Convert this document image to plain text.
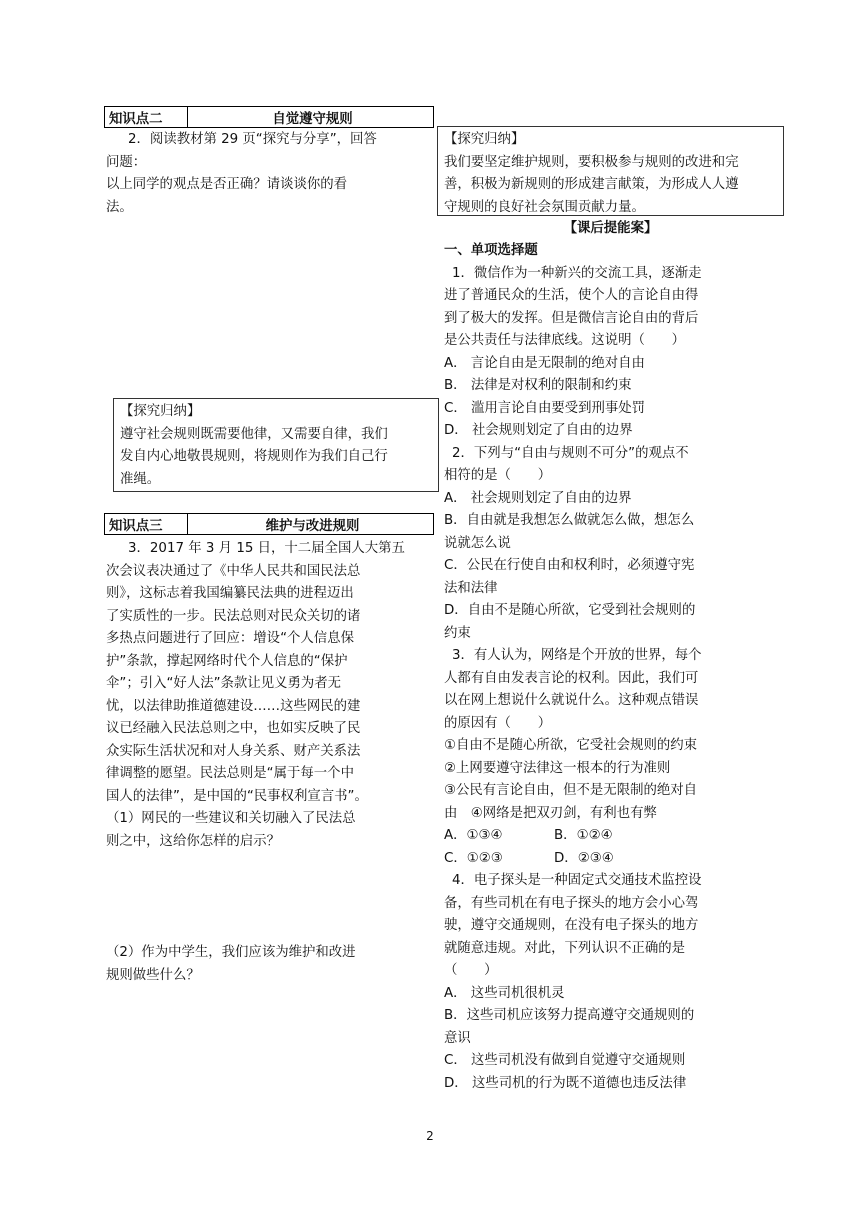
知识点二	自觉遵守规则

2．阅读教材第 29 页“探究与分享”，回答

问题：

以上同学的观点是否正确？请谈谈你的看

法。

【探究归纳】

遵守社会规则既需要他律，又需要自律，我们

发自内心地敬畏规则，将规则作为我们自己行

准绳。

知识点三	维护与改进规则

3．2017 年 3 月 15 日，十二届全国人大第五

次会议表决通过了《中华人民共和国民法总

则》，这标志着我国编纂民法典的进程迈出

了实质性的一步。民法总则对民众关切的诸

多热点问题进行了回应：增设“个人信息保

护”条款，撑起网络时代个人信息的“保护

伞”；引入“好人法”条款让见义勇为者无

忧，以法律助推道德建设……这些网民的建

议已经融入民法总则之中，也如实反映了民

众实际生活状况和对人身关系、财产关系法

律调整的愿望。民法总则是“属于每一个中

国人的法律”，是中国的“民事权利宣言书”。

（1）网民的一些建议和关切融入了民法总

则之中，这给你怎样的启示？

（2）作为中学生，我们应该为维护和改进

规则做些什么？

【探究归纳】

我们要坚定维护规则，要积极参与规则的改进和完

善，积极为新规则的形成建言献策，为形成人人遵

守规则的良好社会氛围贡献力量。

【课后提能案】

一、单项选择题

1．微信作为一种新兴的交流工具，逐渐走

进了普通民众的生活，使个人的言论自由得

到了极大的发挥。但是微信言论自由的背后

是公共责任与法律底线。这说明（　　）

A． 言论自由是无限制的绝对自由

B． 法律是对权利的限制和约束

C． 滥用言论自由要受到刑事处罚

D． 社会规则划定了自由的边界

2．下列与“自由与规则不可分”的观点不

相符的是（　　）

A． 社会规则划定了自由的边界

B．自由就是我想怎么做就怎么做，想怎么

说就怎么说

C．公民在行使自由和权利时，必须遵守宪

法和法律

D．自由不是随心所欲，它受到社会规则的

约束

3．有人认为，网络是个开放的世界，每个

人都有自由发表言论的权利。因此，我们可

以在网上想说什么就说什么。这种观点错误

的原因有（　　）

①自由不是随心所欲，它受社会规则的约束

②上网要遵守法律这一根本的行为准则

③公民有言论自由，但不是无限制的绝对自

由　④网络是把双刃剑，有利也有弊

A．①③④	B．①②④

C．①②③	D．②③④

4．电子探头是一种固定式交通技术监控设

备，有些司机在有电子探头的地方会小心驾

驶，遵守交通规则，在没有电子探头的地方

就随意违规。对此，下列认识不正确的是

（　　）

A． 这些司机很机灵

B．这些司机应该努力提高遵守交通规则的

意识

C． 这些司机没有做到自觉遵守交通规则

D． 这些司机的行为既不道德也违反法律

2
